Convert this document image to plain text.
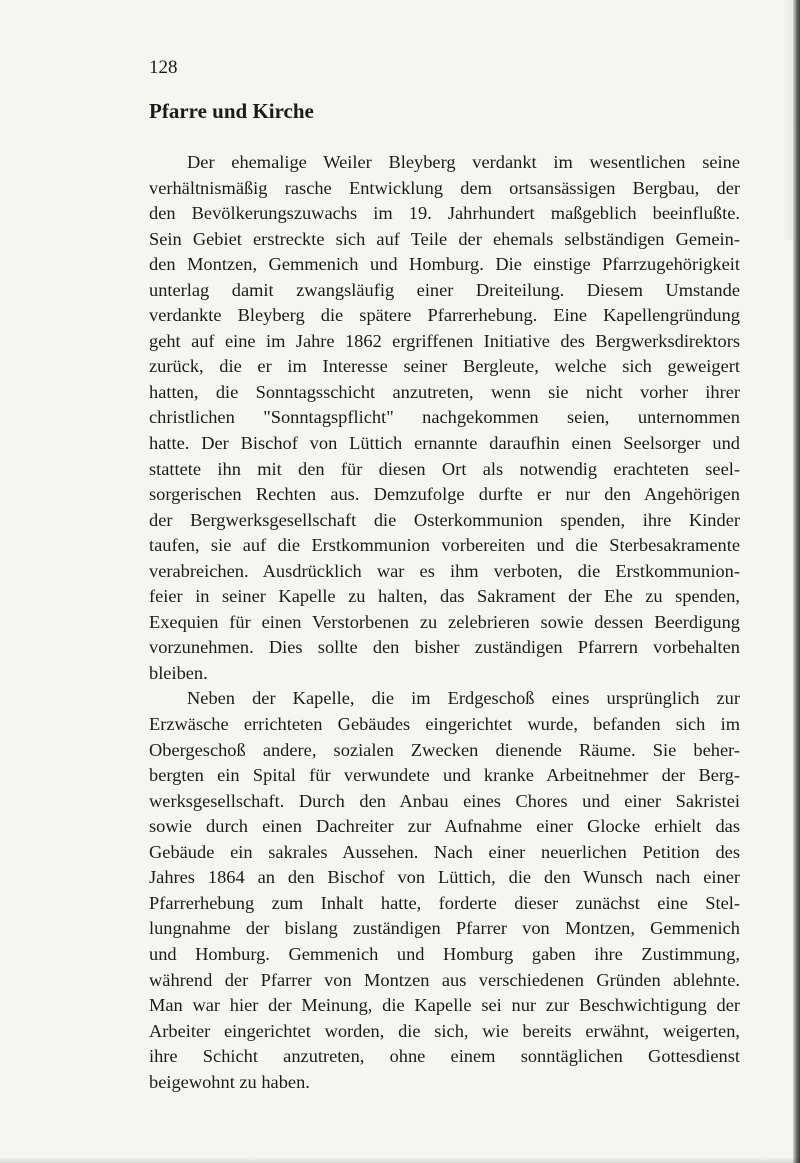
128
Pfarre und Kirche
Der ehemalige Weiler Bleyberg verdankt im wesentlichen seine
verhältnismäßig rasche Entwicklung dem ortsansässigen Bergbau, der
den Bevölkerungszuwachs im 19. Jahrhundert maßgeblich beeinflußte.
Sein Gebiet erstreckte sich auf Teile der ehemals selbständigen Gemein-
den Montzen, Gemmenich und Homburg. Die einstige Pfarrzugehörigkeit
unterlag damit zwangsläufig einer Dreiteilung. Diesem Umstande
verdankte Bleyberg die spätere Pfarrerhebung. Eine Kapellengründung
geht auf eine im Jahre 1862 ergriffenen Initiative des Bergwerksdirektors
zurück, die er im Interesse seiner Bergleute, welche sich geweigert
hatten, die Sonntagsschicht anzutreten, wenn sie nicht vorher ihrer
christlichen "Sonntagspflicht" nachgekommen seien, unternommen
hatte. Der Bischof von Lüttich ernannte daraufhin einen Seelsorger und
stattete ihn mit den für diesen Ort als notwendig erachteten seel-
sorgerischen Rechten aus. Demzufolge durfte er nur den Angehörigen
der Bergwerksgesellschaft die Osterkommunion spenden, ihre Kinder
taufen, sie auf die Erstkommunion vorbereiten und die Sterbesakramente
verabreichen. Ausdrücklich war es ihm verboten, die Erstkommunion-
feier in seiner Kapelle zu halten, das Sakrament der Ehe zu spenden,
Exequien für einen Verstorbenen zu zelebrieren sowie dessen Beerdigung
vorzunehmen. Dies sollte den bisher zuständigen Pfarrern vorbehalten
bleiben.
Neben der Kapelle, die im Erdgeschoß eines ursprünglich zur
Erzwäsche errichteten Gebäudes eingerichtet wurde, befanden sich im
Obergeschoß andere, sozialen Zwecken dienende Räume. Sie beher-
bergten ein Spital für verwundete und kranke Arbeitnehmer der Berg-
werksgesellschaft. Durch den Anbau eines Chores und einer Sakristei
sowie durch einen Dachreiter zur Aufnahme einer Glocke erhielt das
Gebäude ein sakrales Aussehen. Nach einer neuerlichen Petition des
Jahres 1864 an den Bischof von Lüttich, die den Wunsch nach einer
Pfarrerhebung zum Inhalt hatte, forderte dieser zunächst eine Stel-
lungnahme der bislang zuständigen Pfarrer von Montzen, Gemmenich
und Homburg. Gemmenich und Homburg gaben ihre Zustimmung,
während der Pfarrer von Montzen aus verschiedenen Gründen ablehnte.
Man war hier der Meinung, die Kapelle sei nur zur Beschwichtigung der
Arbeiter eingerichtet worden, die sich, wie bereits erwähnt, weigerten,
ihre Schicht anzutreten, ohne einem sonntäglichen Gottesdienst
beigewohnt zu haben.
